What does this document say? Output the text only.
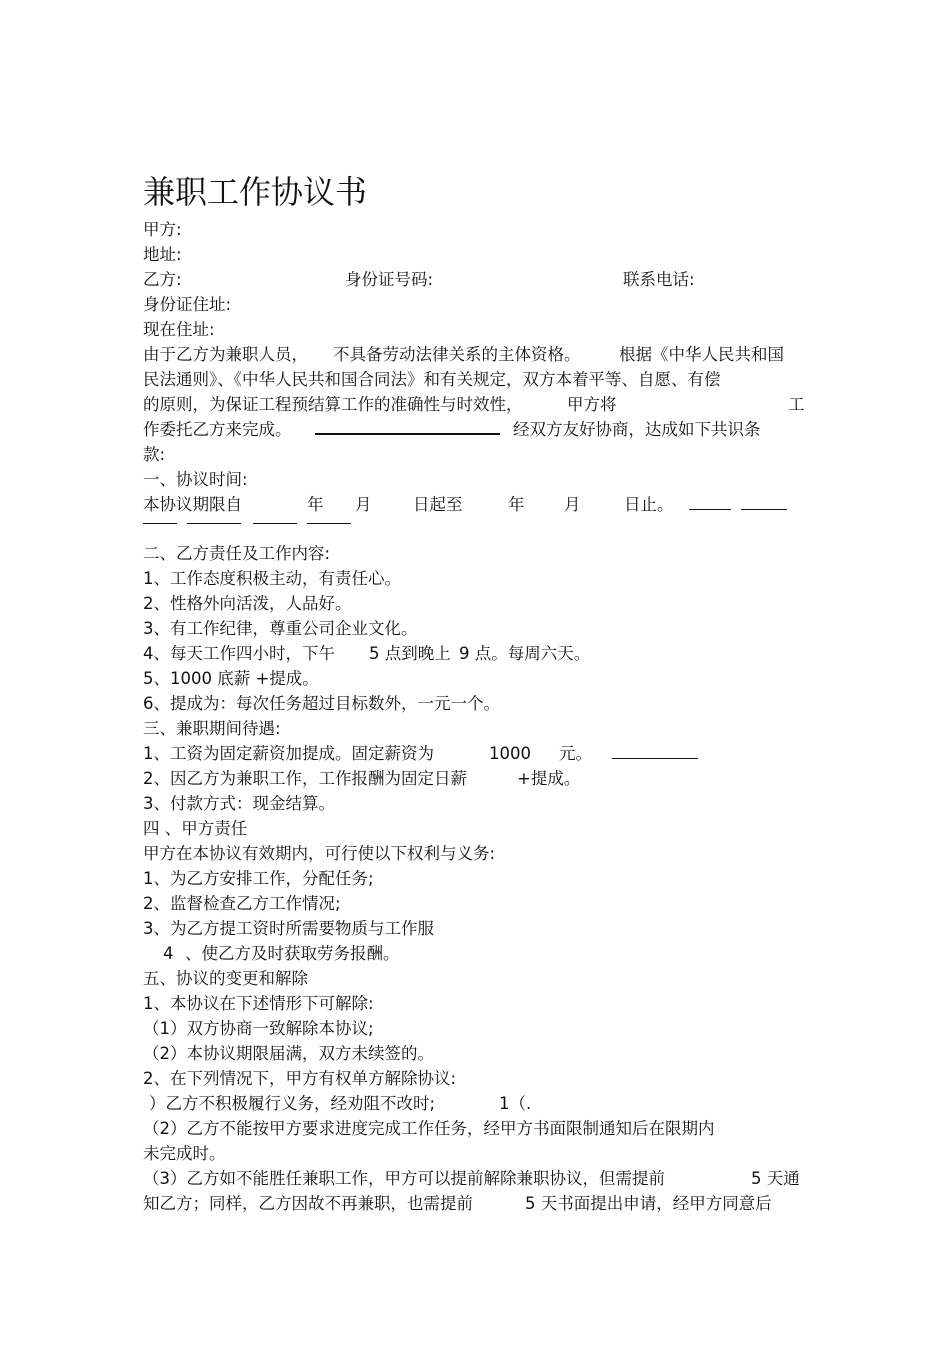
兼职工作协议书
甲方:
地址:
乙方:	身份证号码:	联系电话:
身份证住址:
现在住址:
由于乙方为兼职人员， 不具备劳动法律关系的主体资格。 根据《中华人民共和国
民法通则》、《中华人民共和国合同法》和有关规定，双方本着平等、自愿、有偿
的原则，为保证工程预结算工作的准确性与时效性，	甲方将	工
作委托乙方来完成。	经双方友好协商，达成如下共识条
款:
一、协议时间:
本协议期限自	年 月	日起至	年 月	日止。
二、乙方责任及工作内容:
1、工作态度积极主动，有责任心。
2、性格外向活泼，人品好。
3、有工作纪律，尊重公司企业文化。
4、每天工作四小时，下午 5 点到晚上 9 点。每周六天。
5、1000 底薪 +提成。
6、提成为：每次任务超过目标数外，一元一个。
三、兼职期间待遇:
1、工资为固定薪资加提成。固定薪资为	1000 元。
2、因乙方为兼职工作，工作报酬为固定日薪	+提成。
3、付款方式：现金结算。
四 、甲方责任
甲方在本协议有效期内，可行使以下权利与义务:
1、为乙方安排工作，分配任务;
2、监督检查乙方工作情况;
3、为乙方提工资时所需要物质与工作服
4 、使乙方及时获取劳务报酬。
五、协议的变更和解除
1、本协议在下述情形下可解除:
（1）双方协商一致解除本协议;
（2）本协议期限届满，双方未续签的。
2、在下列情况下，甲方有权单方解除协议:
）乙方不积极履行义务，经劝阻不改时;	1（.
（2）乙方不能按甲方要求进度完成工作任务，经甲方书面限制通知后在限期内
未完成时。
（3）乙方如不能胜任兼职工作，甲方可以提前解除兼职协议，但需提前	5 天通
知乙方；同样，乙方因故不再兼职，也需提前	5 天书面提出申请，经甲方同意后
